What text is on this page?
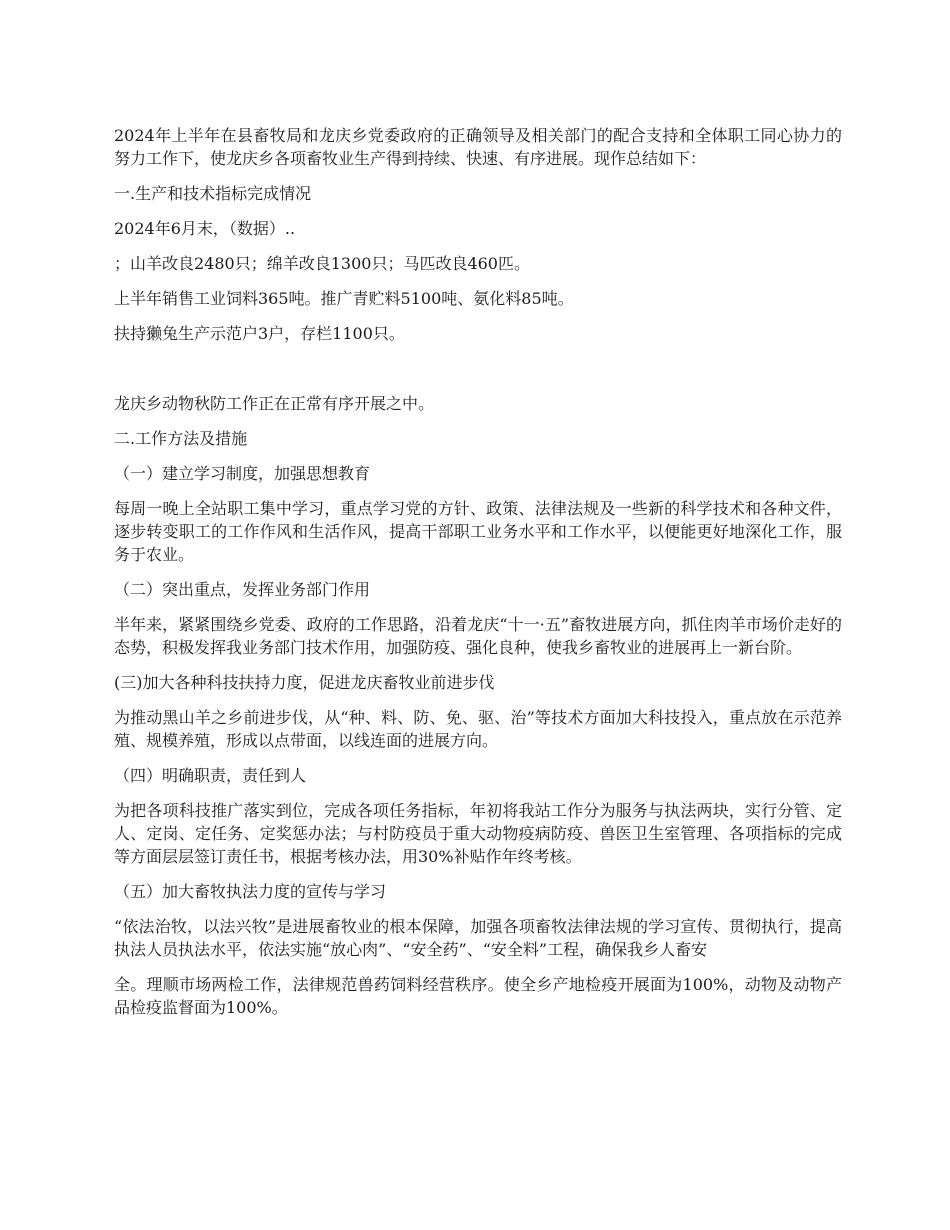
2024年上半年在县畜牧局和龙庆乡党委政府的正确领导及相关部门的配合支持和全体职工同心协力的努力工作下，使龙庆乡各项畜牧业生产得到持续、快速、有序进展。现作总结如下：

一.生产和技术指标完成情况

2024年6月末，（数据）..

；山羊改良2480只；绵羊改良1300只；马匹改良460匹。

上半年销售工业饲料365吨。推广青贮料5100吨、氨化料85吨。

扶持獭兔生产示范户3户，存栏1100只。

龙庆乡动物秋防工作正在正常有序开展之中。

二.工作方法及措施

（一）建立学习制度，加强思想教育

每周一晚上全站职工集中学习，重点学习党的方针、政策、法律法规及一些新的科学技术和各种文件，逐步转变职工的工作作风和生活作风，提高干部职工业务水平和工作水平，以便能更好地深化工作，服务于农业。

（二）突出重点，发挥业务部门作用

半年来，紧紧围绕乡党委、政府的工作思路，沿着龙庆“十一·五”畜牧进展方向，抓住肉羊市场价走好的态势，积极发挥我业务部门技术作用，加强防疫、强化良种，使我乡畜牧业的进展再上一新台阶。

(三)加大各种科技扶持力度，促进龙庆畜牧业前进步伐

为推动黑山羊之乡前进步伐，从“种、料、防、免、驱、治”等技术方面加大科技投入，重点放在示范养殖、规模养殖，形成以点带面，以线连面的进展方向。

（四）明确职责，责任到人

为把各项科技推广落实到位，完成各项任务指标，年初将我站工作分为服务与执法两块，实行分管、定人、定岗、定任务、定奖惩办法；与村防疫员于重大动物疫病防疫、兽医卫生室管理、各项指标的完成等方面层层签订责任书，根据考核办法，用30%补贴作年终考核。

（五）加大畜牧执法力度的宣传与学习

“依法治牧，以法兴牧”是进展畜牧业的根本保障，加强各项畜牧法律法规的学习宣传、贯彻执行，提高执法人员执法水平，依法实施“放心肉”、“安全药”、“安全料”工程，确保我乡人畜安

全。理顺市场两检工作，法律规范兽药饲料经营秩序。使全乡产地检疫开展面为100%，动物及动物产品检疫监督面为100%。
